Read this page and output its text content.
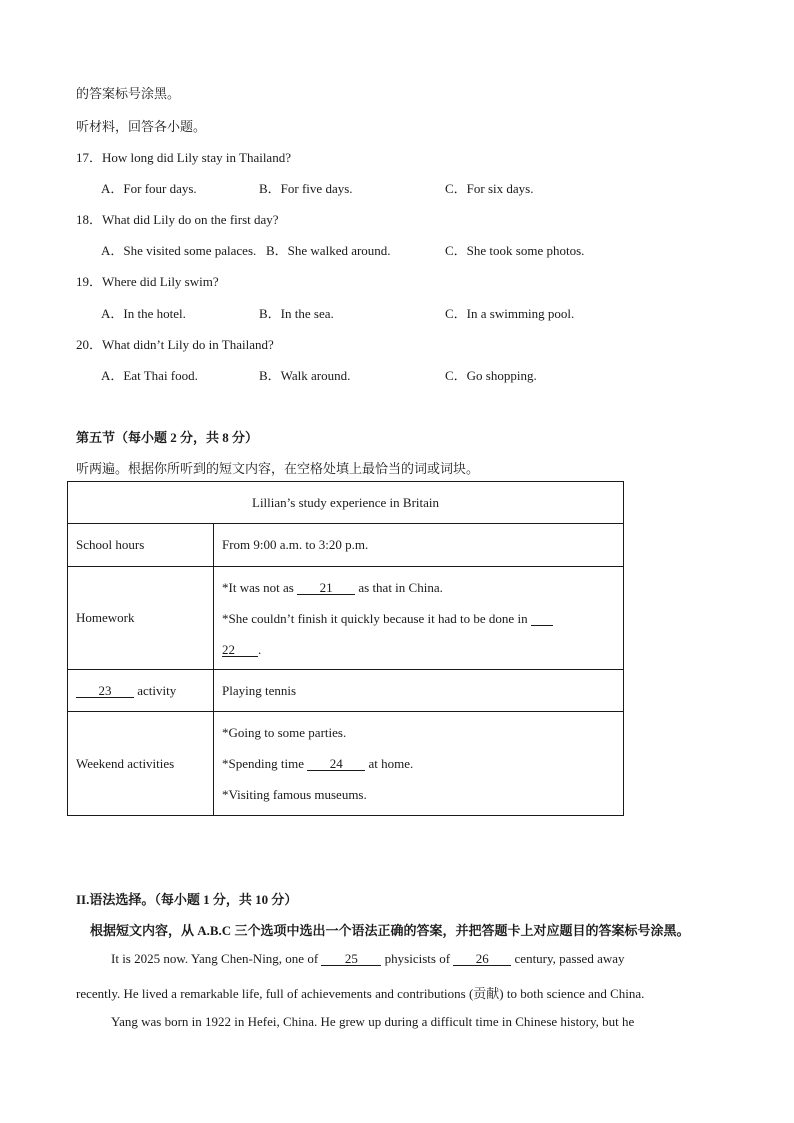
的答案标号涂黑。
听材料，回答各小题。
17．How long did Lily stay in Thailand?
A．For four days.	B．For five days.	C．For six days.
18．What did Lily do on the first day?
A．She visited some palaces. B．She walked around.	C．She took some photos.
19．Where did Lily swim?
A．In the hotel.	B．In the sea.	C．In a swimming pool.
20．What didn’t Lily do in Thailand?
A．Eat Thai food.	B．Walk around.	C．Go shopping.
第五节（每小题 2 分，共 8 分）
听两遍。根据你所听到的短文内容，在空格处填上最恰当的词或词块。
Lillian’s study experience in Britain	
School hours	From 9:00 a.m. to 3:20 p.m.
Homework	*It was not as 21 as that in China.
*She couldn’t finish it quickly because it had to be done in
22 .

23 activity	Playing tennis
Weekend activities	*Going to some parties.
*Spending time 24 at home.
*Visiting famous museums.
II.语法选择。（每小题 1 分，共 10 分）
根据短文内容，从 A.B.C 三个选项中选出一个语法正确的答案，并把答题卡上对应题目的答案标号涂黑。
It is 2025 now. Yang Chen-Ning, one of 25 physicists of 26 century, passed away
recently. He lived a remarkable life, full of achievements and contributions (贡献) to both science and China.
Yang was born in 1922 in Hefei, China. He grew up during a difficult time in Chinese history, but he
